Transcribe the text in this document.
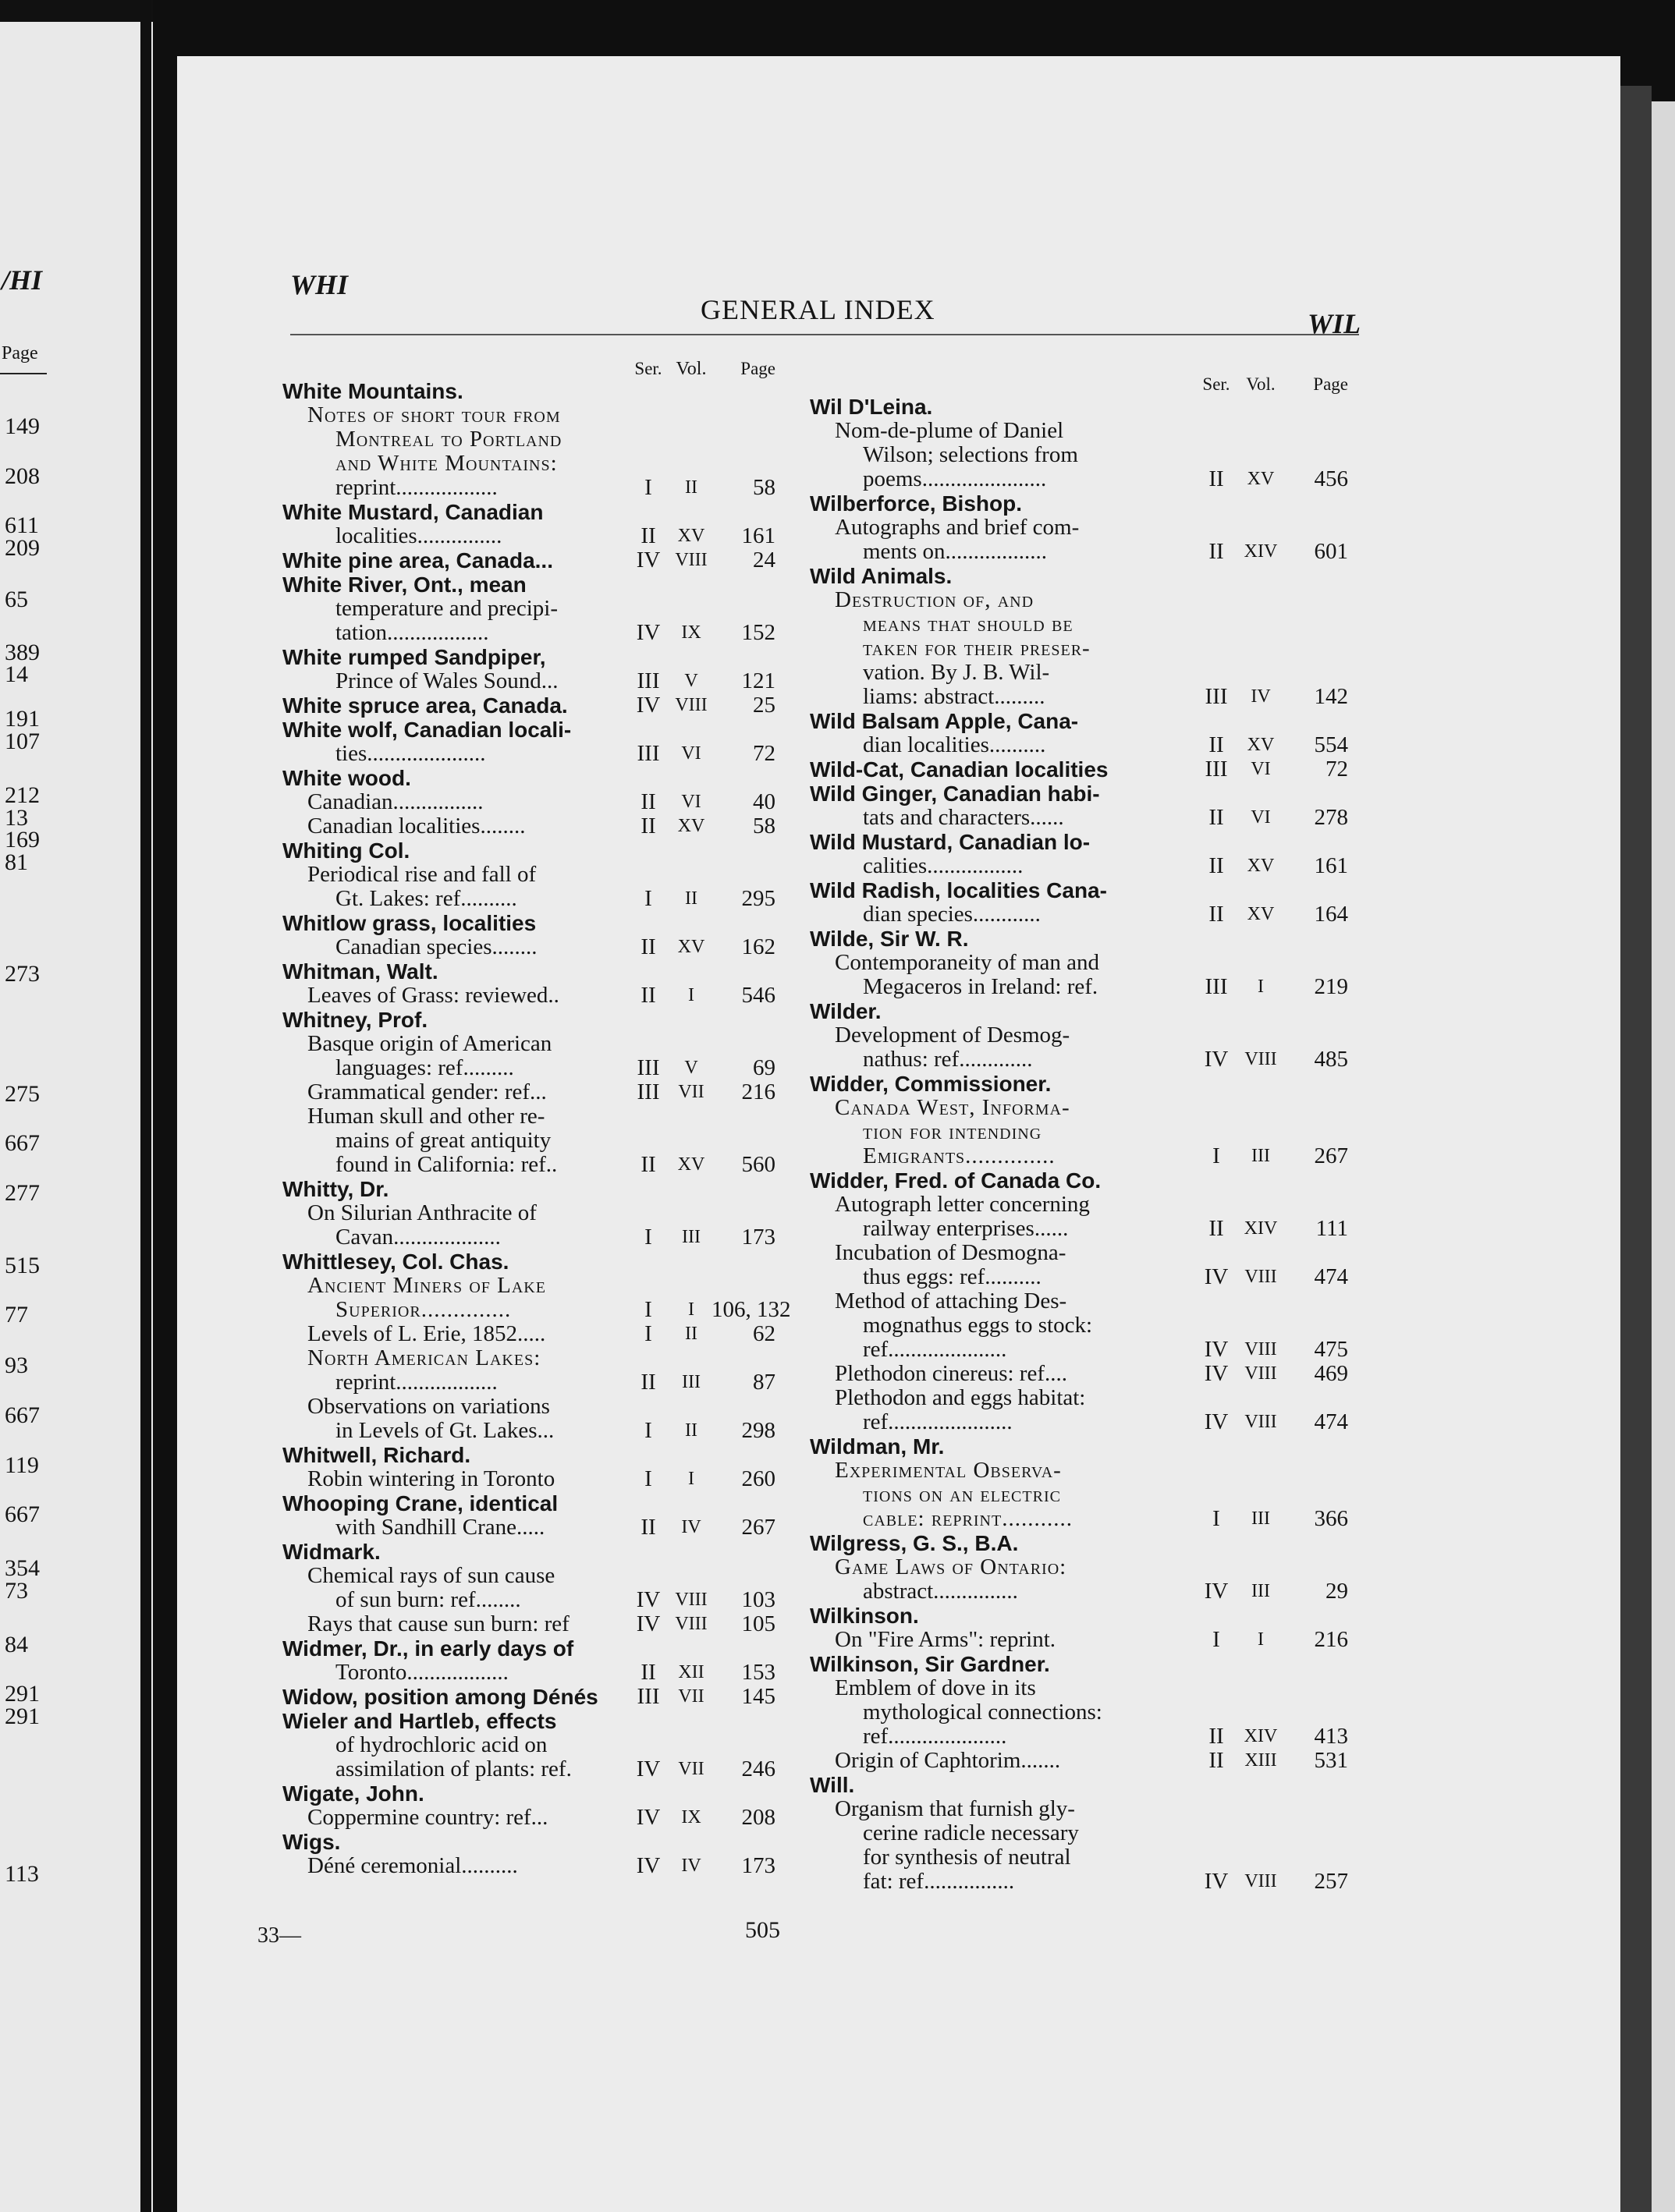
/HI
Page
149
208
611
209
65
389
14
191
107
212
13
169
81
273
275
667
277
515
77
93
667
119
667
354
73
84
291
291
113
WHI
GENERAL INDEX	WIL
Ser. Vol.	Page
White Mountains.
Notes of short tour from
Montreal to Portland
and White Mountains:
reprint..................	I	II	58
White Mustard, Canadian
localities...............	II	XV	161
White pine area, Canada...	IV VIII	24
White River, Ont., mean
temperature and precipi-
tation..................	IV	IX	152
White rumped Sandpiper,
Prince of Wales Sound...	III	V	121
White spruce area, Canada.	IV VIII	25
White wolf, Canadian locali-
ties.....................	III	VI	72
White wood.
Canadian................	II	VI	40
Canadian localities........	II	XV	58
Whiting Col.
Periodical rise and fall of
Gt. Lakes: ref..........	I	II	295
Whitlow grass, localities
Canadian species........	II	XV	162
Whitman, Walt.
Leaves of Grass: reviewed..	II	I	546
Whitney, Prof.
Basque origin of American
languages: ref.........	III	V	69
Grammatical gender: ref...	III VII	216
Human skull and other re-
mains of great antiquity
found in California: ref..	II	XV	560
Whitty, Dr.
On Silurian Anthracite of
Cavan...................	I	III	173
Whittlesey, Col. Chas.
Ancient Miners of Lake
Superior..............	I	I 106, 132
Levels of L. Erie, 1852.....	I	II	62
North American Lakes:
reprint..................	II	III	87
Observations on variations
in Levels of Gt. Lakes...	I	II	298
Whitwell, Richard.
Robin wintering in Toronto	I	I	260
Whooping Crane, identical
with Sandhill Crane.....	II	IV	267
Widmark.
Chemical rays of sun cause
of sun burn: ref........	IV VIII	103
Rays that cause sun burn: ref	IV VIII	105
Widmer, Dr., in early days of
Toronto..................	II	XII	153
Widow, position among Dénés	III VII	145
Wieler and Hartleb, effects
of hydrochloric acid on
assimilation of plants: ref.	IV VII	246
Wigate, John.
Coppermine country: ref...	IV	IX	208
Wigs.
Déné ceremonial..........	IV	IV	173
Ser. Vol.	Page
Wil D'Leina.
Nom-de-plume of Daniel
Wilson; selections from
poems......................	II	XV	456
Wilberforce, Bishop.
Autographs and brief com-
ments on..................	II	XIV	601
Wild Animals.
Destruction of, and
means that should be
taken for their preser-
vation. By J. B. Wil-
liams: abstract.........	III	IV	142
Wild Balsam Apple, Cana-
dian localities..........	II	XV	554
Wild-Cat, Canadian localities	III	VI	72
Wild Ginger, Canadian habi-
tats and characters......	II	VI	278
Wild Mustard, Canadian lo-
calities.................	II	XV	161
Wild Radish, localities Cana-
dian species............	II	XV	164
Wilde, Sir W. R.
Contemporaneity of man and
Megaceros in Ireland: ref.	III	I	219
Wilder.
Development of Desmog-
nathus: ref.............	IV VIII	485
Widder, Commissioner.
Canada West, Informa-
tion for intending
Emigrants..............	I	III	267
Widder, Fred. of Canada Co.
Autograph letter concerning
railway enterprises......	II	XIV	111
Incubation of Desmogna-
thus eggs: ref..........	IV VIII	474
Method of attaching Des-
mognathus eggs to stock:
ref.....................	IV VIII	475
Plethodon cinereus: ref....	IV VIII	469
Plethodon and eggs habitat:
ref......................	IV VIII	474
Wildman, Mr.
Experimental Observa-
tions on an electric
cable: reprint...........	I	III	366
Wilgress, G. S., B.A.
Game Laws of Ontario:
abstract...............	IV	III	29
Wilkinson.
On "Fire Arms": reprint.	I	I	216
Wilkinson, Sir Gardner.
Emblem of dove in its
mythological connections:
ref.....................	II	XIV	413
Origin of Caphtorim.......	II	XIII	531
Will.
Organism that furnish gly-
cerine radicle necessary
for synthesis of neutral
fat: ref................	IV VIII	257
33—	505
